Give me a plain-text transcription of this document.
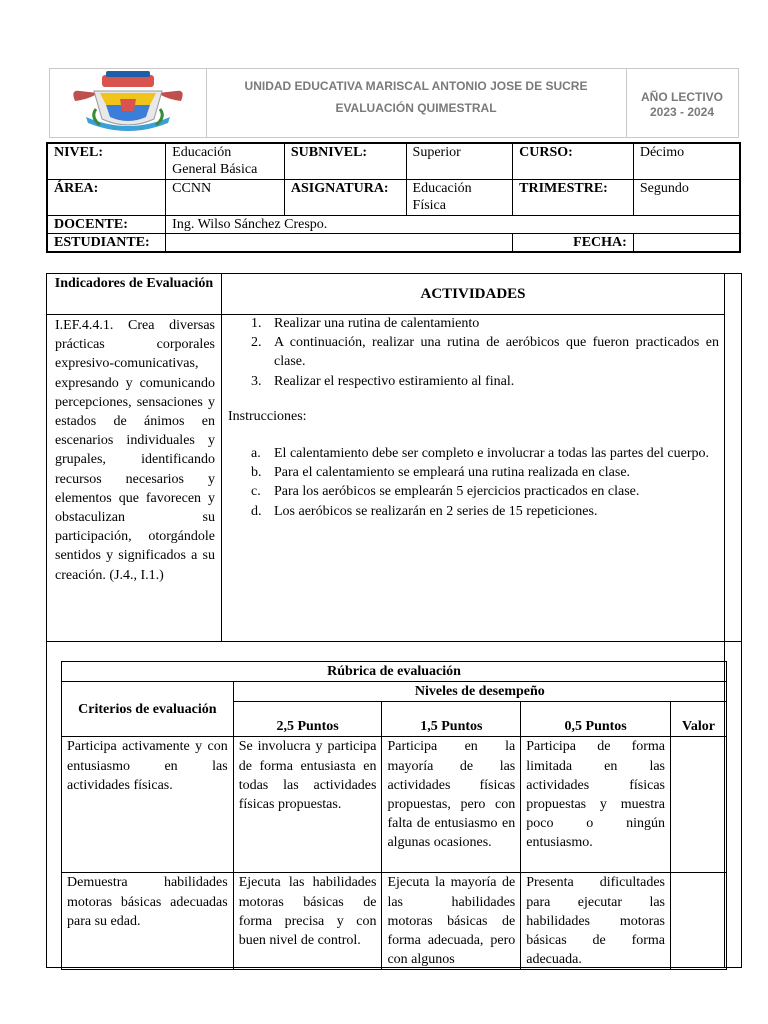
UNIDAD EDUCATIVA MARISCAL ANTONIO JOSE DE SUCRE
EVALUACIÓN QUIMESTRAL
AÑO LECTIVO
2023 - 2024
NIVEL:	Educación General Básica	SUBNIVEL:	Superior	CURSO:	Décimo
ÁREA:	CCNN	ASIGNATURA:	Educación Física	TRIMESTRE:	Segundo
DOCENTE:	Ing. Wilso Sánchez Crespo.				
ESTUDIANTE:				FECHA:	
Indicadores de Evaluación
ACTIVIDADES
I.EF.4.4.1. Crea diversas prácticas corporales expresivo-comunicativas, expresando y comunicando percepciones, sensaciones y estados de ánimos en escenarios individuales y grupales, identificando recursos necesarios y elementos que favorecen y obstaculizan su participación, otorgándole sentidos y significados a su creación. (J.4., I.1.)
1. Realizar una rutina de calentamiento
2. A continuación, realizar una rutina de aeróbicos que fueron practicados en clase.
3. Realizar el respectivo estiramiento al final.
Instrucciones:
a. El calentamiento debe ser completo e involucrar a todas las partes del cuerpo.
b. Para el calentamiento se empleará una rutina realizada en clase.
c. Para los aeróbicos se emplearán 5 ejercicios practicados en clase.
d. Los aeróbicos se realizarán en 2 series de 15 repeticiones.
Rúbrica de evaluación				
Criterios de evaluación	Niveles de desempeño			
	2,5 Puntos	1,5 Puntos	0,5 Puntos	Valor
Participa activamente y con entusiasmo en las actividades físicas.	Se involucra y participa de forma entusiasta en todas las actividades físicas propuestas.	Participa en la mayoría de las actividades físicas propuestas, pero con falta de entusiasmo en algunas ocasiones.	Participa de forma limitada en las actividades físicas propuestas y muestra poco o ningún entusiasmo.	
Demuestra habilidades motoras básicas adecuadas para su edad.	Ejecuta las habilidades motoras básicas de forma precisa y con buen nivel de control.	Ejecuta la mayoría de las habilidades motoras básicas de forma adecuada, pero con algunos	Presenta dificultades para ejecutar las habilidades motoras básicas de forma adecuada.	
